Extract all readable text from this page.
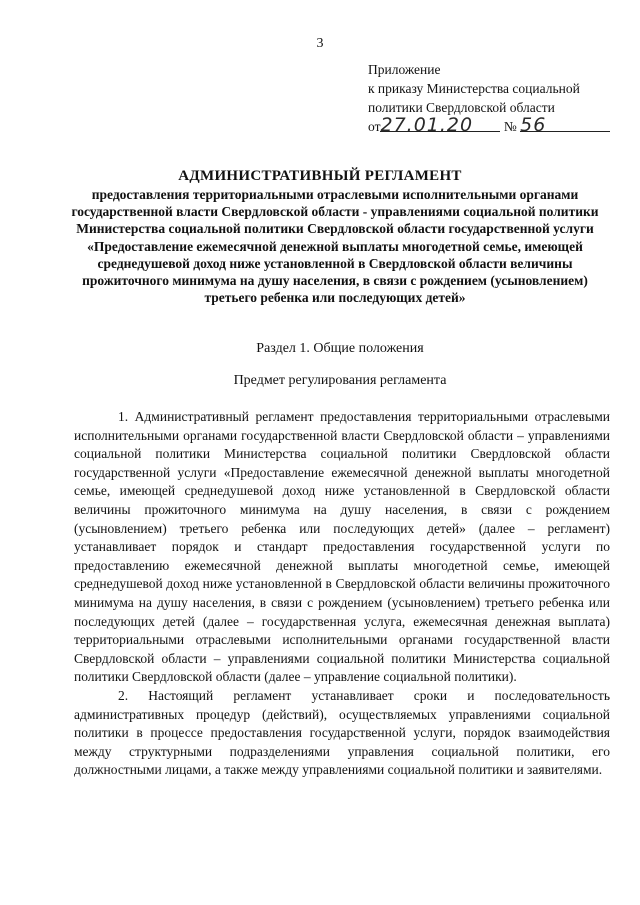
3
Приложение
к приказу Министерства социальной
политики Свердловской области
от27.01.20 № 56
АДМИНИСТРАТИВНЫЙ РЕГЛАМЕНТ
предоставления территориальными отраслевыми исполнительными органами государственной власти Свердловской области - управлениями социальной политики Министерства социальной политики Свердловской области государственной услуги «Предоставление ежемесячной денежной выплаты многодетной семье, имеющей среднедушевой доход ниже установленной в Свердловской области величины прожиточного минимума на душу населения, в связи с рождением (усыновлением) третьего ребенка или последующих детей»
Раздел 1. Общие положения
Предмет регулирования регламента

1. Административный регламент предоставления территориальными отраслевыми исполнительными органами государственной власти Свердловской области – управлениями социальной политики Министерства социальной политики Свердловской области государственной услуги «Предоставление ежемесячной денежной выплаты многодетной семье, имеющей среднедушевой доход ниже установленной в Свердловской области величины прожиточного минимума на душу населения, в связи с рождением (усыновлением) третьего ребенка или последующих детей» (далее – регламент) устанавливает порядок и стандарт предоставления государственной услуги по предоставлению ежемесячной денежной выплаты многодетной семье, имеющей среднедушевой доход ниже установленной в Свердловской области величины прожиточного минимума на душу населения, в связи с рождением (усыновлением) третьего ребенка или последующих детей (далее – государственная услуга, ежемесячная денежная выплата) территориальными отраслевыми исполнительными органами государственной власти Свердловской области – управлениями социальной политики Министерства социальной политики Свердловской области (далее – управление социальной политики).

2. Настоящий регламент устанавливает сроки и последовательность административных процедур (действий), осуществляемых управлениями социальной политики в процессе предоставления государственной услуги, порядок взаимодействия между структурными подразделениями управления социальной политики, его должностными лицами, а также между управлениями социальной политики и заявителями.
